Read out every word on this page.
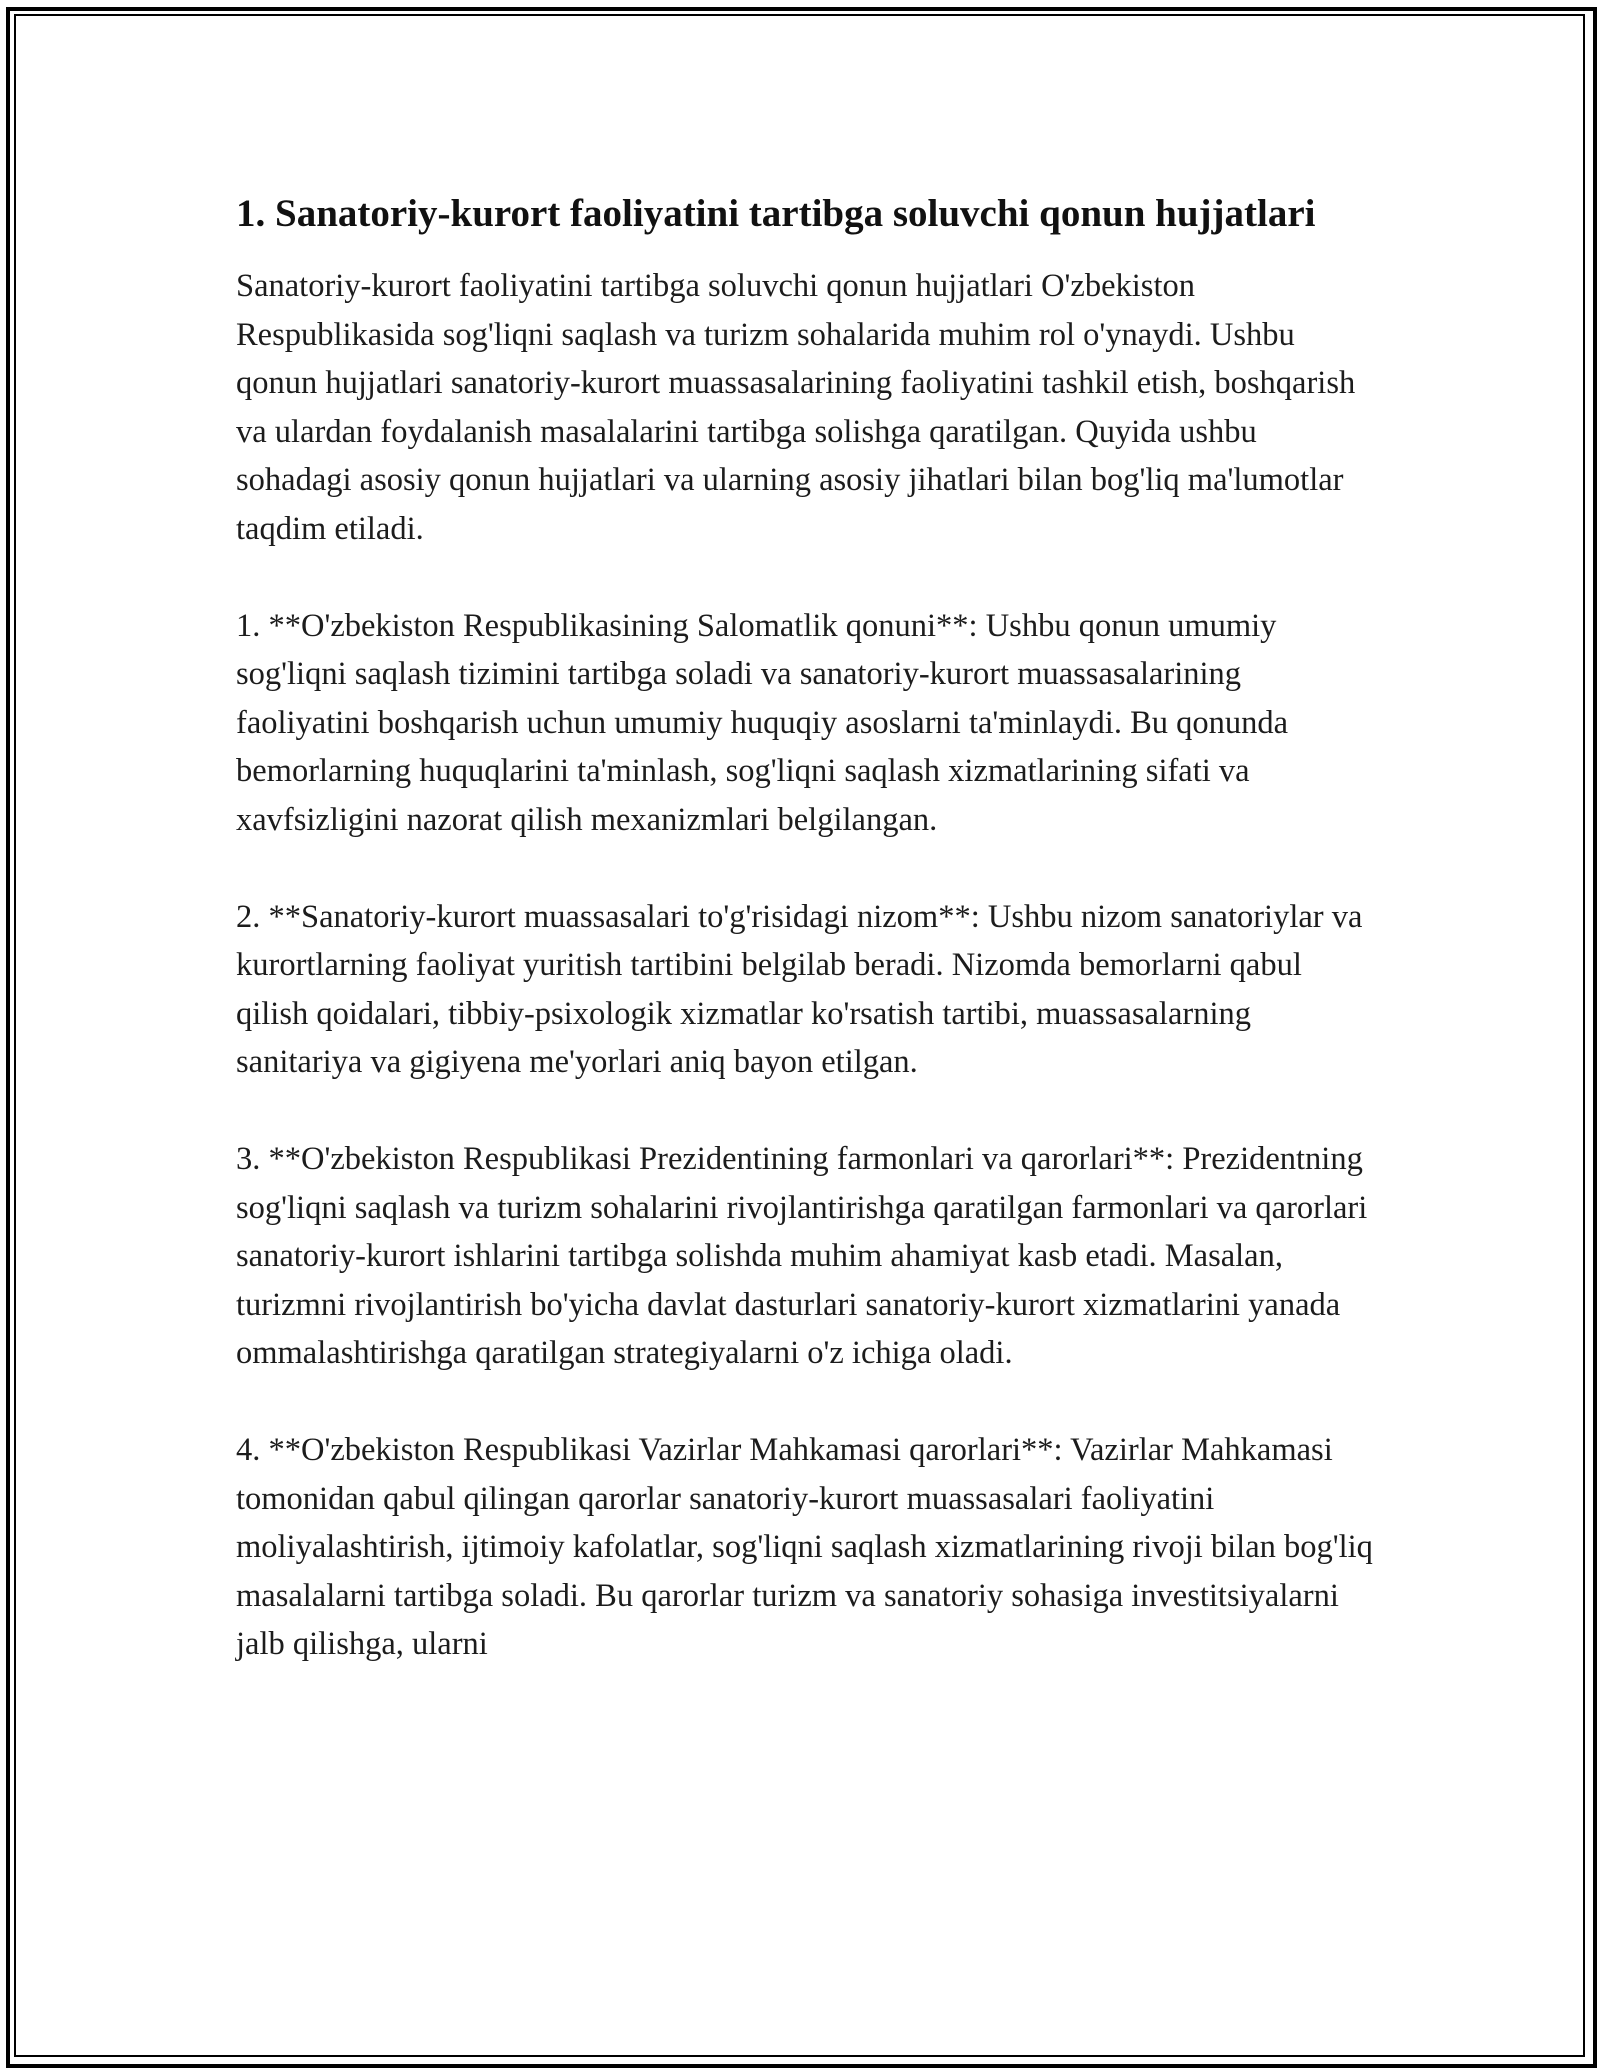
1. Sanatoriy-kurort faoliyatini tartibga soluvchi qonun hujjatlari

Sanatoriy-kurort faoliyatini tartibga soluvchi qonun hujjatlari O'zbekiston Respublikasida sog'liqni saqlash va turizm sohalarida muhim rol o'ynaydi. Ushbu qonun hujjatlari sanatoriy-kurort muassasalarining faoliyatini tashkil etish, boshqarish va ulardan foydalanish masalalarini tartibga solishga qaratilgan. Quyida ushbu sohadagi asosiy qonun hujjatlari va ularning asosiy jihatlari bilan bog'liq ma'lumotlar taqdim etiladi.

1. **O'zbekiston Respublikasining Salomatlik qonuni**: Ushbu qonun umumiy sog'liqni saqlash tizimini tartibga soladi va sanatoriy-kurort muassasalarining faoliyatini boshqarish uchun umumiy huquqiy asoslarni ta'minlaydi. Bu qonunda bemorlarning huquqlarini ta'minlash, sog'liqni saqlash xizmatlarining sifati va xavfsizligini nazorat qilish mexanizmlari belgilangan.

2. **Sanatoriy-kurort muassasalari to'g'risidagi nizom**: Ushbu nizom sanatoriylar va kurortlarning faoliyat yuritish tartibini belgilab beradi. Nizomda bemorlarni qabul qilish qoidalari, tibbiy-psixologik xizmatlar ko'rsatish tartibi, muassasalarning sanitariya va gigiyena me'yorlari aniq bayon etilgan.

3. **O'zbekiston Respublikasi Prezidentining farmonlari va qarorlari**: Prezidentning sog'liqni saqlash va turizm sohalarini rivojlantirishga qaratilgan farmonlari va qarorlari sanatoriy-kurort ishlarini tartibga solishda muhim ahamiyat kasb etadi. Masalan, turizmni rivojlantirish bo'yicha davlat dasturlari sanatoriy-kurort xizmatlarini yanada ommalashtirishga qaratilgan strategiyalarni o'z ichiga oladi.

4. **O'zbekiston Respublikasi Vazirlar Mahkamasi qarorlari**: Vazirlar Mahkamasi tomonidan qabul qilingan qarorlar sanatoriy-kurort muassasalari faoliyatini moliyalashtirish, ijtimoiy kafolatlar, sog'liqni saqlash xizmatlarining rivoji bilan bog'liq masalalarni tartibga soladi. Bu qarorlar turizm va sanatoriy sohasiga investitsiyalarni jalb qilishga, ularni
